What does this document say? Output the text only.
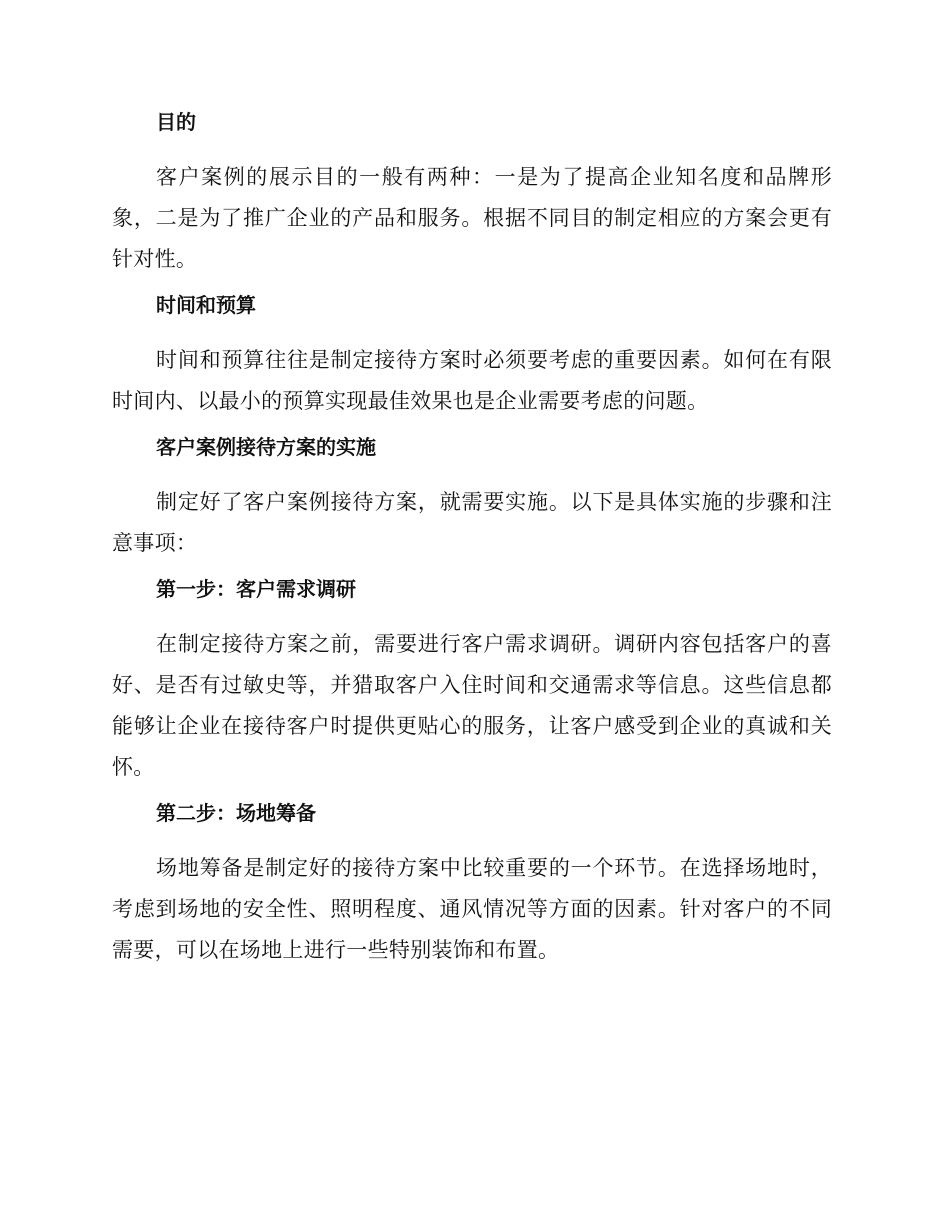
目的

客户案例的展示目的一般有两种：一是为了提高企业知名度和品牌形象，二是为了推广企业的产品和服务。根据不同目的制定相应的方案会更有针对性。

时间和预算

时间和预算往往是制定接待方案时必须要考虑的重要因素。如何在有限时间内、以最小的预算实现最佳效果也是企业需要考虑的问题。

客户案例接待方案的实施

制定好了客户案例接待方案，就需要实施。以下是具体实施的步骤和注意事项：

第一步：客户需求调研

在制定接待方案之前，需要进行客户需求调研。调研内容包括客户的喜好、是否有过敏史等，并猎取客户入住时间和交通需求等信息。这些信息都能够让企业在接待客户时提供更贴心的服务，让客户感受到企业的真诚和关怀。

第二步：场地筹备

场地筹备是制定好的接待方案中比较重要的一个环节。在选择场地时，考虑到场地的安全性、照明程度、通风情况等方面的因素。针对客户的不同需要，可以在场地上进行一些特别装饰和布置。
